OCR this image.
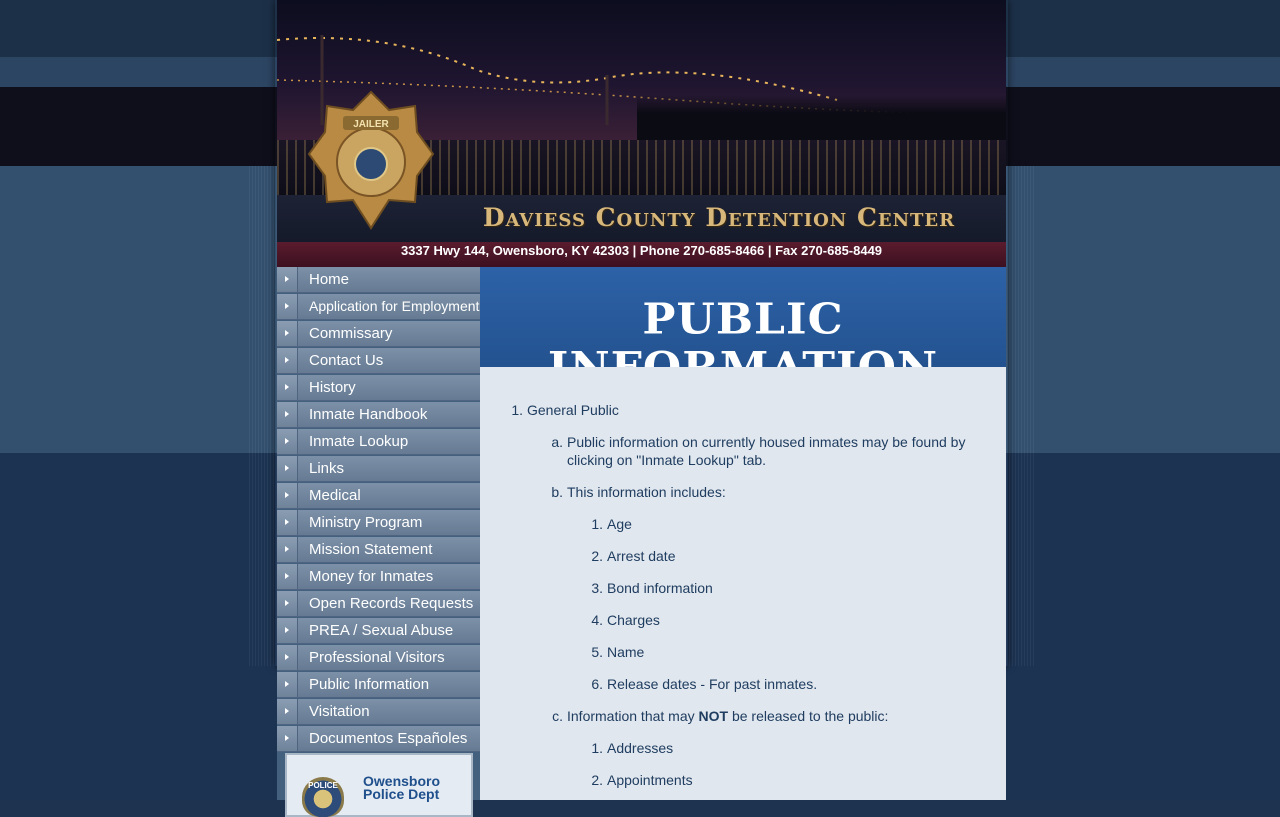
JAILER
Daviess County Detention Center
3337 Hwy 144, Owensboro, KY 42303 | Phone 270-685-8466 | Fax 270-685-8449
Home
Application for Employment
Commissary
Contact Us
History
Inmate Handbook
Inmate Lookup
Links
Medical
Ministry Program
Mission Statement
Money for Inmates
Open Records Requests
PREA / Sexual Abuse
Professional Visitors
Public Information
Visitation
Documentos Españoles
POLICE Owensboro
Police Dept
PUBLIC
1. General Public
a. Public information on currently housed inmates may be found by clicking on "Inmate Lookup" tab.
b. This information includes:
1. Age
2. Arrest date
3. Bond information
4. Charges
5. Name
6. Release dates - For past inmates.
c. Information that may NOT be released to the public:
1. Addresses
2. Appointments
